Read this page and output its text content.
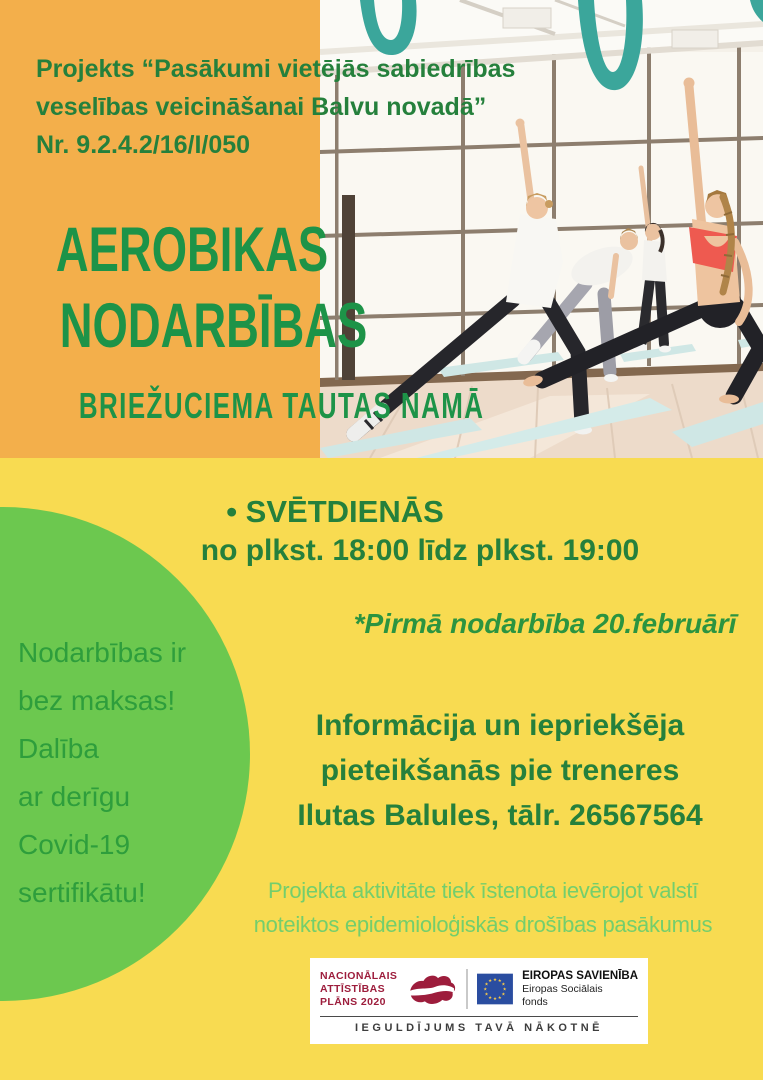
Nodarbības ir
bez maksas!
Dalība
ar derīgu
Covid-19
sertifikātu!
Projekts “Pasākumi vietējās sabiedrības
veselības veicināšanai Balvu novadā”
Nr. 9.2.4.2/16/I/050
AEROBIKAS
NODARBĪBAS
BRIEŽUCIEMA TAUTAS NAMĀ
• SVĒTDIENĀS
no plkst. 18:00 līdz plkst. 19:00
*Pirmā nodarbība 20.februārī
Informācija un iepriekšēja
pieteikšanās pie treneres
Ilutas Balules, tālr. 26567564
Projekta aktivitāte tiek īstenota ievērojot valstī
noteiktos epidemioloģiskās drošības pasākumus
NACIONĀLAIS
ATTĪSTĪBAS
PLĀNS 2020
★ ★
★
★
★
★
★
★
★
★
★
★
EIROPAS SAVIENĪBA
Eiropas Sociālais
fonds
IEGULDĪJUMS TAVĀ NĀKOTNĒ
